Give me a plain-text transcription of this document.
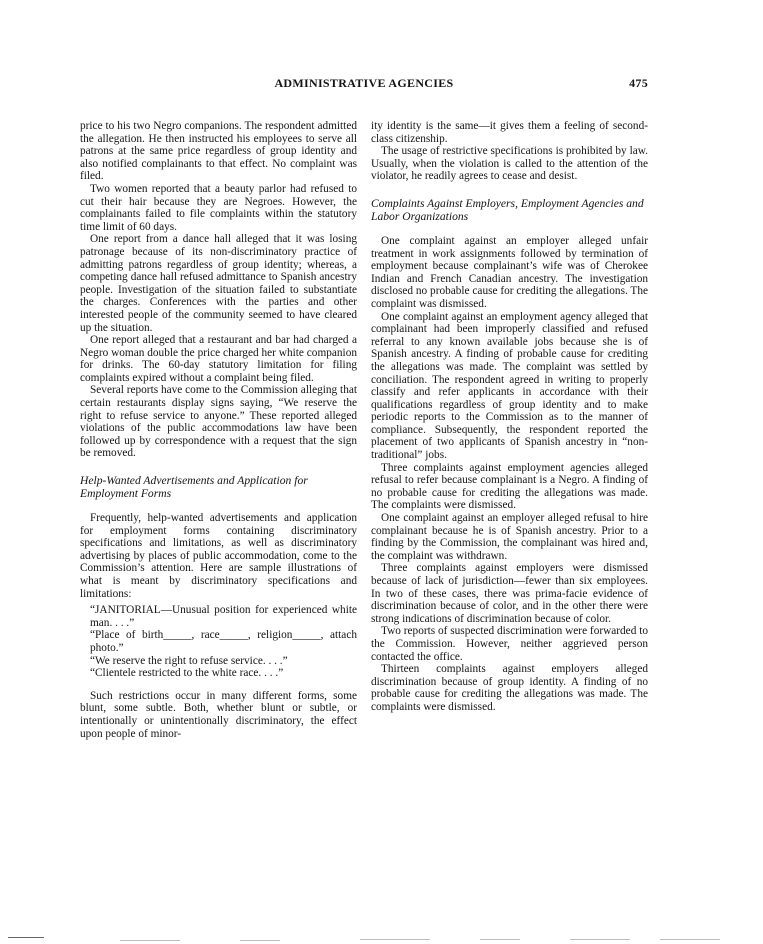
ADMINISTRATIVE AGENCIES	475

price to his two Negro companions. The respondent admitted the allegation. He then instructed his employees to serve all patrons at the same price regardless of group identity and also notified complainants to that effect. No complaint was filed.

Two women reported that a beauty parlor had refused to cut their hair because they are Negroes. However, the complainants failed to file complaints within the statutory time limit of 60 days.

One report from a dance hall alleged that it was losing patronage because of its non-discriminatory practice of admitting patrons regardless of group identity; whereas, a competing dance hall refused admittance to Spanish ancestry people. Investigation of the situation failed to substantiate the charges. Conferences with the parties and other interested people of the community seemed to have cleared up the situation.

One report alleged that a restaurant and bar had charged a Negro woman double the price charged her white companion for drinks. The 60-day statutory limitation for filing complaints expired without a complaint being filed.

Several reports have come to the Commission alleging that certain restaurants display signs saying, “We reserve the right to refuse service to anyone.” These reported alleged violations of the public accommodations law have been followed up by correspondence with a request that the sign be removed.

Help-Wanted Advertisements and Application for Employment Forms

Frequently, help-wanted advertisements and application for employment forms containing discriminatory specifications and limitations, as well as discriminatory advertising by places of public accommodation, come to the Commission’s attention. Here are sample illustrations of what is meant by discriminatory specifications and limitations:

“JANITORIAL—Unusual position for experienced white man. . . .”

“Place of birth_____, race_____, religion_____, attach photo.”

“We reserve the right to refuse service. . . .”

“Clientele restricted to the white race. . . .”

Such restrictions occur in many different forms, some blunt, some subtle. Both, whether blunt or subtle, or intentionally or unintentionally discriminatory, the effect upon people of minor-

ity identity is the same—it gives them a feeling of second-class citizenship.

The usage of restrictive specifications is prohibited by law. Usually, when the violation is called to the attention of the violator, he readily agrees to cease and desist.

Complaints Against Employers, Employment Agencies and Labor Organizations

One complaint against an employer alleged unfair treatment in work assignments followed by termination of employment because complainant’s wife was of Cherokee Indian and French Canadian ancestry. The investigation disclosed no probable cause for crediting the allegations. The complaint was dismissed.

One complaint against an employment agency alleged that complainant had been improperly classified and refused referral to any known available jobs because she is of Spanish ancestry. A finding of probable cause for crediting the allegations was made. The complaint was settled by conciliation. The respondent agreed in writing to properly classify and refer applicants in accordance with their qualifications regardless of group identity and to make periodic reports to the Commission as to the manner of compliance. Subsequently, the respondent reported the placement of two applicants of Spanish ancestry in “non-traditional” jobs.

Three complaints against employment agencies alleged refusal to refer because complainant is a Negro. A finding of no probable cause for crediting the allegations was made. The complaints were dismissed.

One complaint against an employer alleged refusal to hire complainant because he is of Spanish ancestry. Prior to a finding by the Commission, the complainant was hired and, the complaint was withdrawn.

Three complaints against employers were dismissed because of lack of jurisdiction—fewer than six employees. In two of these cases, there was prima-facie evidence of discrimination because of color, and in the other there were strong indications of discrimination because of color.

Two reports of suspected discrimination were forwarded to the Commission. However, neither aggrieved person contacted the office.

Thirteen complaints against employers alleged discrimination because of group identity. A finding of no probable cause for crediting the allegations was made. The complaints were dismissed.
